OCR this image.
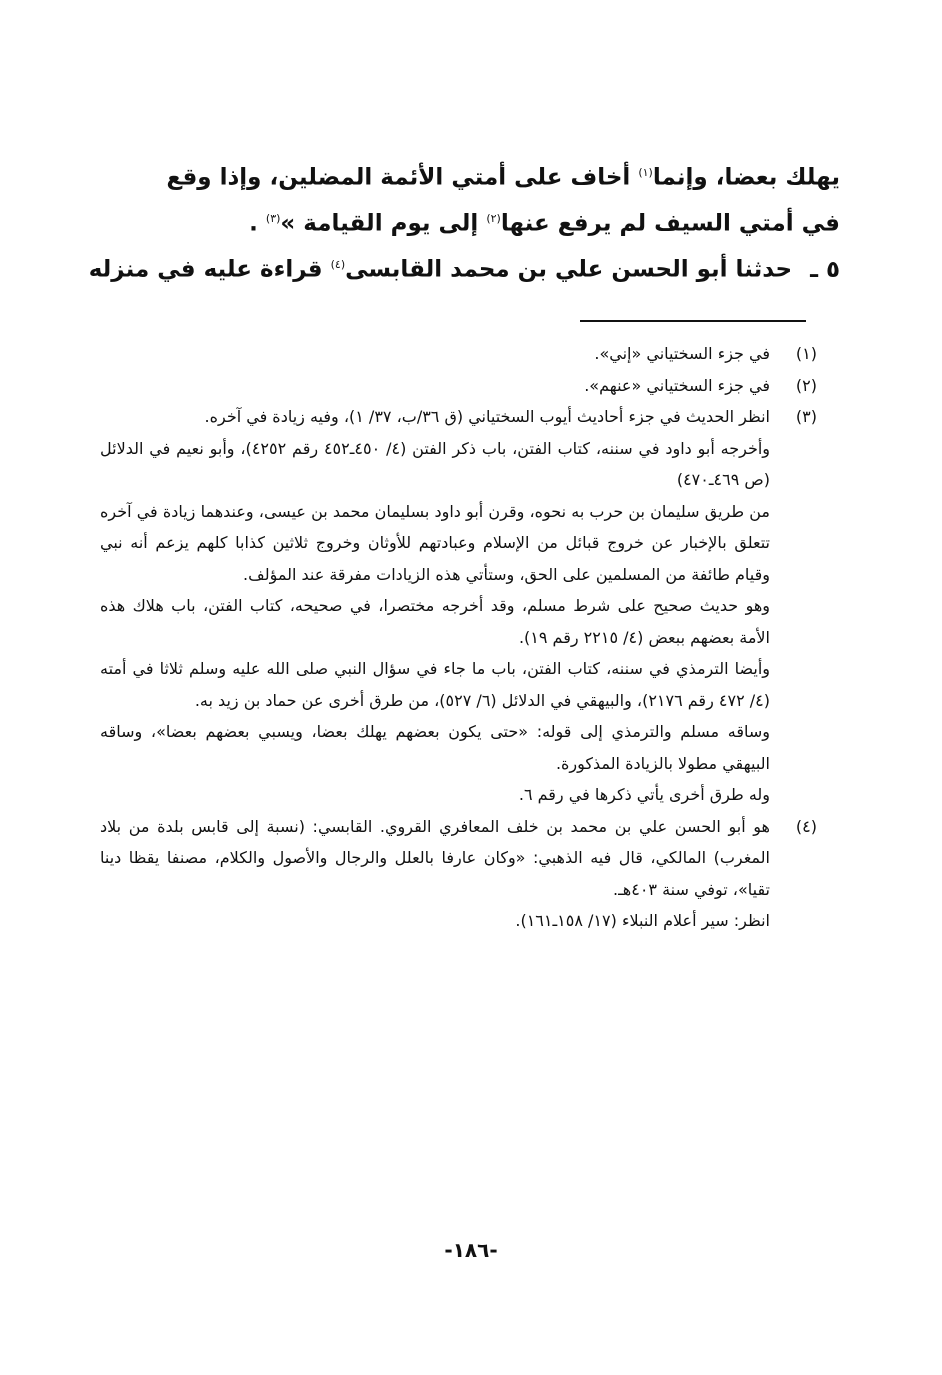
يهلك بعضا، وإنما$^{(١)}$ أخاف على أمتي الأئمة المضلين، وإذا وقع
في أمتي السيف لم يرفع عنها$^{(٢)}$ إلى يوم القيامة »$^{(٣)}$ .
٥ ـحدثنا أبو الحسن علي بن محمد القابسى$^{(٤)}$ قراءة عليه في منزله
(١)

في جزء السختياني «إني».

(٢)

في جزء السختياني «عنهم».

(٣)

انظر الحديث في جزء أحاديث أيوب السختياني (ق ٣٦/ب، ٣٧/ ١)، وفيه زيادة في آخره.

وأخرجه أبو داود في سننه، كتاب الفتن، باب ذكر الفتن (٤/ ٤٥٠ـ٤٥٢ رقم ٤٢٥٢)، وأبو نعيم في الدلائل (ص ٤٦٩ـ٤٧٠)

من طريق سليمان بن حرب به نحوه، وقرن أبو داود بسليمان محمد بن عيسى، وعندهما زيادة في آخره تتعلق بالإخبار عن خروج قبائل من الإسلام وعبادتهم للأوثان وخروج ثلاثين كذابا كلهم يزعم أنه نبي وقيام طائفة من المسلمين على الحق، وستأتي هذه الزيادات مفرقة عند المؤلف.

وهو حديث صحيح على شرط مسلم، وقد أخرجه مختصرا، في صحيحه، كتاب الفتن، باب هلاك هذه الأمة بعضهم ببعض (٤/ ٢٢١٥ رقم ١٩).

وأيضا الترمذي في سننه، كتاب الفتن، باب ما جاء في سؤال النبي صلى الله عليه وسلم ثلاثا في أمته (٤/ ٤٧٢ رقم ٢١٧٦)، والبيهقي في الدلائل (٦/ ٥٢٧)، من طرق أخرى عن حماد بن زيد به.

وساقه مسلم والترمذي إلى قوله: «حتى يكون بعضهم يهلك بعضا، ويسبي بعضهم بعضا»، وساقه البيهقي مطولا بالزيادة المذكورة.

وله طرق أخرى يأتي ذكرها في رقم ٦.

(٤)

هو أبو الحسن علي بن محمد بن خلف المعافري القروي. القابسي: (نسبة إلى قابس بلدة من بلاد المغرب) المالكي، قال فيه الذهبي: «وكان عارفا بالعلل والرجال والأصول والكلام، مصنفا يقظا دينا تقيا»، توفي سنة ٤٠٣هـ.

انظر: سير أعلام النبلاء (١٧/ ١٥٨ـ١٦١).

-١٨٦-
